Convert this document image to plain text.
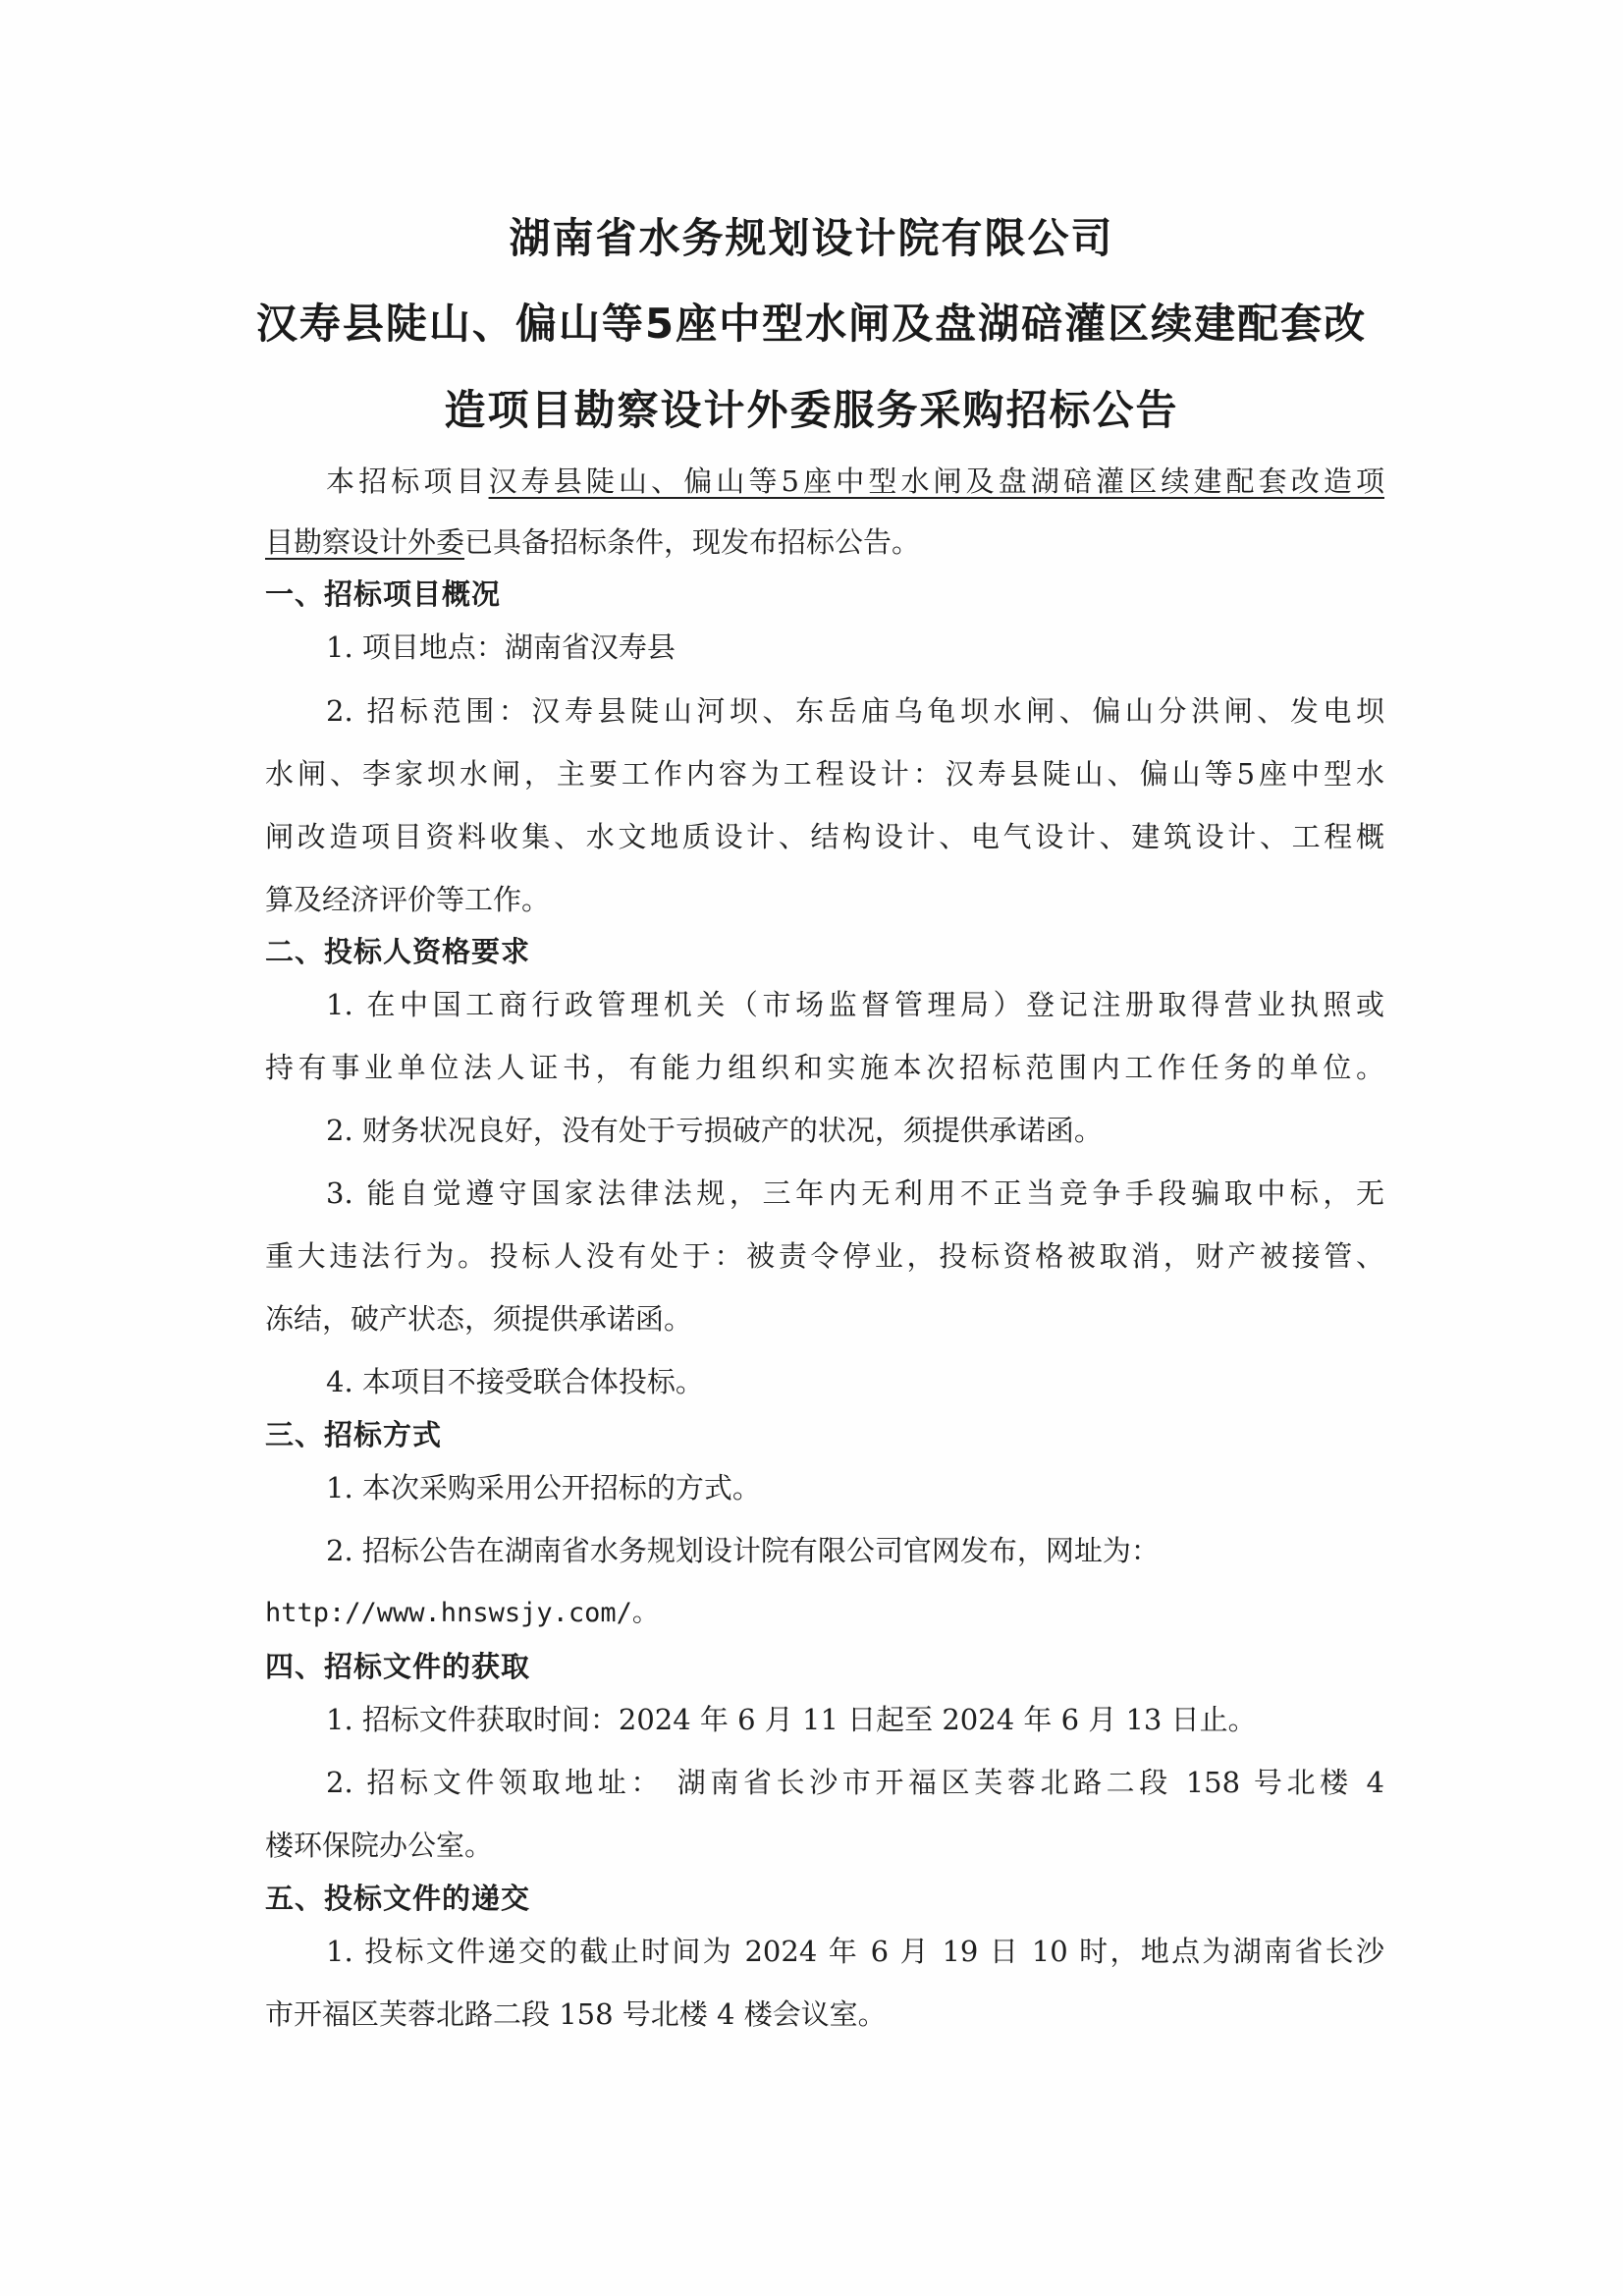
湖南省水务规划设计院有限公司
汉寿县陡山、偏山等5座中型水闸及盘湖碚灌区续建配套改
造项目勘察设计外委服务采购招标公告
本招标项目汉寿县陡山、偏山等5座中型水闸及盘湖碚灌区续建配套改造项
目勘察设计外委已具备招标条件，现发布招标公告。
一、招标项目概况
1. 项目地点：湖南省汉寿县
2. 招标范围：汉寿县陡山河坝、东岳庙乌龟坝水闸、偏山分洪闸、发电坝
水闸、李家坝水闸，主要工作内容为工程设计：汉寿县陡山、偏山等5座中型水
闸改造项目资料收集、水文地质设计、结构设计、电气设计、建筑设计、工程概
算及经济评价等工作。
二、投标人资格要求
1. 在中国工商行政管理机关（市场监督管理局）登记注册取得营业执照或
持有事业单位法人证书，有能力组织和实施本次招标范围内工作任务的单位。
2. 财务状况良好，没有处于亏损破产的状况，须提供承诺函。
3. 能自觉遵守国家法律法规，三年内无利用不正当竞争手段骗取中标，无
重大违法行为。投标人没有处于：被责令停业，投标资格被取消，财产被接管、
冻结，破产状态，须提供承诺函。
4. 本项目不接受联合体投标。
三、招标方式
1. 本次采购采用公开招标的方式。
2. 招标公告在湖南省水务规划设计院有限公司官网发布，网址为：
http://www.hnswsjy.com/。
四、招标文件的获取
1. 招标文件获取时间：2024 年 6 月 11 日起至 2024 年 6 月 13 日止。
2. 招标文件领取地址： 湖南省长沙市开福区芙蓉北路二段 158 号北楼 4
楼环保院办公室。
五、投标文件的递交
1. 投标文件递交的截止时间为 2024 年 6 月 19 日 10 时，地点为湖南省长沙
市开福区芙蓉北路二段 158 号北楼 4 楼会议室。
